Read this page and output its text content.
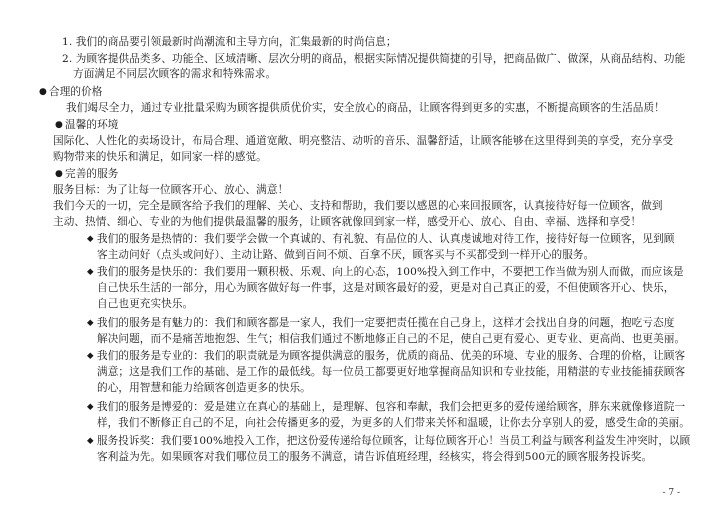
1. 我们的商品要引领最新时尚潮流和主导方向，汇集最新的时尚信息；
2. 为顾客提供品类多、功能全、区域清晰、层次分明的商品，根据实际情况提供简捷的引导，把商品做广、做深，从商品结构、功能
方面满足不同层次顾客的需求和特殊需求。
● 合理的价格
我们竭尽全力，通过专业批量采购为顾客提供质优价实，安全放心的商品，让顾客得到更多的实惠，不断提高顾客的生活品质！
● 温馨的环境
国际化、人性化的卖场设计，布局合理、通道宽敞、明亮整洁、动听的音乐、温馨舒适，让顾客能够在这里得到美的享受，充分享受
购物带来的快乐和满足，如同家一样的感觉。
● 完善的服务
服务目标：为了让每一位顾客开心、放心、满意！
我们今天的一切，完全是顾客给予我们的理解、关心、支持和帮助，我们要以感恩的心来回报顾客，认真接待好每一位顾客，做到
主动、热情、细心、专业的为他们提供最温馨的服务，让顾客就像回到家一样，感受开心、放心、自由、幸福、选择和享受！
◆ 我们的服务是热情的：我们要学会做一个真诚的、有礼貌、有品位的人、认真虔诚地对待工作，接待好每一位顾客，见到顾
客主动问好（点头或问好）、主动让路、做到百问不烦、百拿不厌，顾客买与不买都受到一样开心的服务。
◆ 我们的服务是快乐的：我们要用一颗积极、乐观、向上的心态，100%投入到工作中，不要把工作当做为别人而做，而应该是
自己快乐生活的一部分，用心为顾客做好每一件事，这是对顾客最好的爱，更是对自己真正的爱，不但使顾客开心、快乐，
自己也更充实快乐。
◆ 我们的服务是有魅力的：我们和顾客都是一家人，我们一定要把责任揽在自己身上，这样才会找出自身的问题，抱吃亏态度
解决问题，而不是痛苦地抱怨、生气；相信我们通过不断地修正自己的不足，使自己更有爱心、更专业、更高尚、也更美丽。
◆ 我们的服务是专业的：我们的职责就是为顾客提供满意的服务，优质的商品、优美的环境、专业的服务、合理的价格，让顾客
满意；这是我们工作的基础、是工作的最低线。每一位员工都要更好地掌握商品知识和专业技能，用精湛的专业技能捕获顾客
的心，用智慧和能力给顾客创造更多的快乐。
◆ 我们的服务是博爱的：爱是建立在真心的基础上，是理解、包容和奉献，我们会把更多的爱传递给顾客，胖东来就像修道院一
样，我们不断修正自己的不足，向社会传播更多的爱，为更多的人们带来关怀和温暖，让你去分享别人的爱，感受生命的美丽。
◆ 服务投诉奖：我们要100%地投入工作，把这份爱传递给每位顾客，让每位顾客开心！当员工利益与顾客利益发生冲突时，以顾
客利益为先。如果顾客对我们哪位员工的服务不满意，请告诉值班经理，经核实，将会得到500元的顾客服务投诉奖。
- 7 -
